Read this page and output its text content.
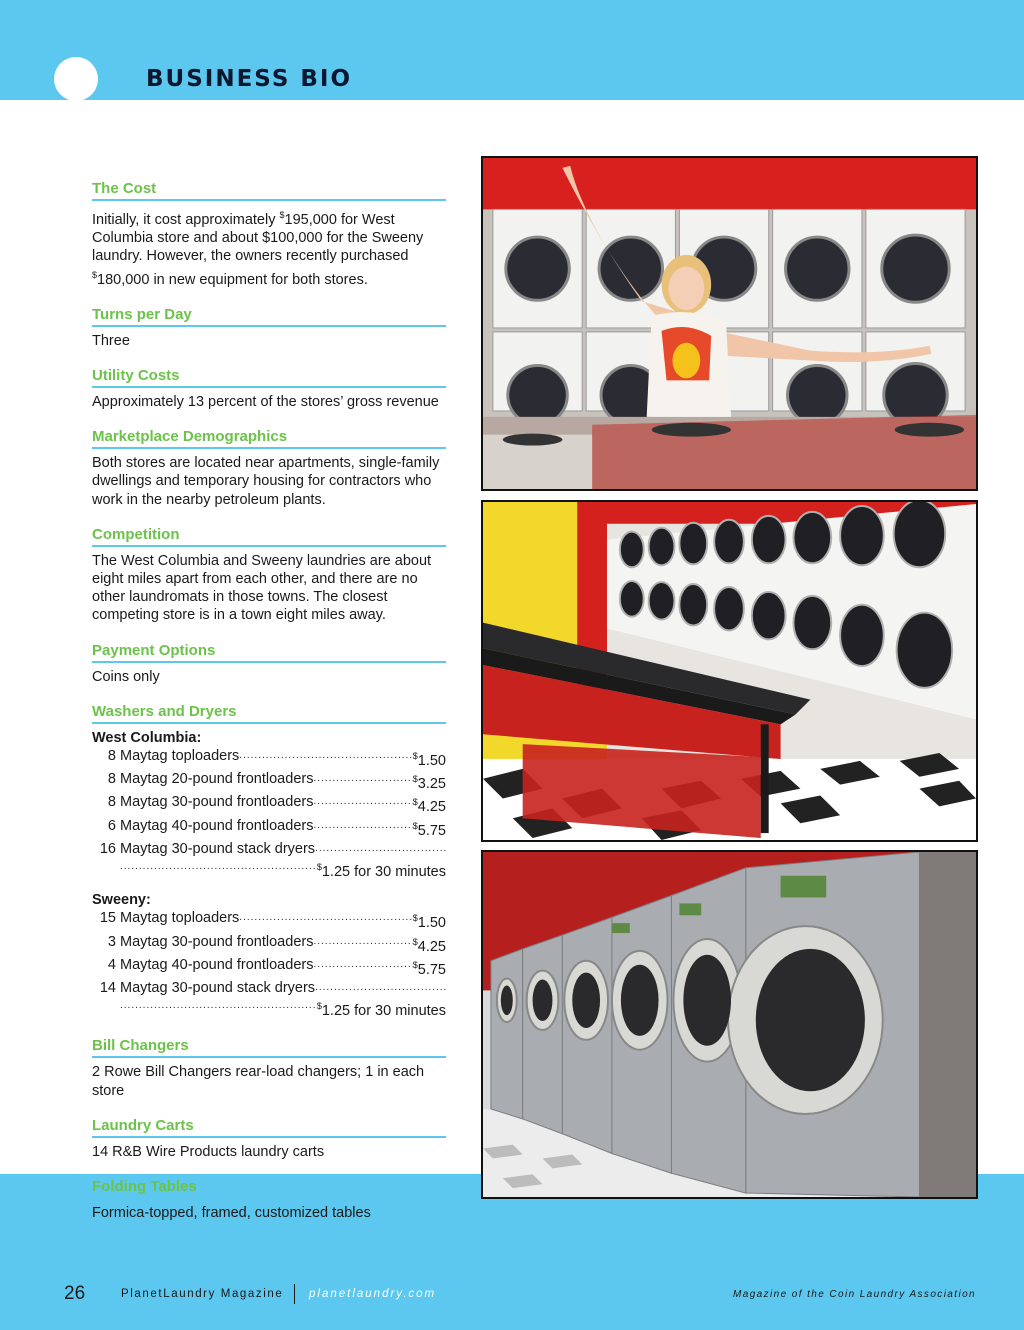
BUSINESS BIO
The Cost
Initially, it cost approximately $195,000 for West Columbia store and about $100,000 for the Sweeny laundry. However, the owners recently purchased $180,000 in new equipment for both stores.
Turns per Day
Three
Utility Costs
Approximately 13 percent of the stores’ gross revenue
Marketplace Demographics
Both stores are located near apartments, single-family dwellings and temporary housing for contractors who work in the nearby petroleum plants.
Competition
The West Columbia and Sweeny laundries are about eight miles apart from each other, and there are no other laundromats in those towns. The closest competing store is in a town eight miles away.
Payment Options
Coins only
Washers and Dryers
West Columbia:
8 Maytag toploaders .....	$1.50
8 Maytag 20-pound frontloaders .....	$3.25
8 Maytag 30-pound frontloaders .....	$4.25
6 Maytag 40-pound frontloaders .....	$5.75
16 Maytag 30-pound stack dryers
.....
.....
$1.25 for 30 minutes
Sweeny:
15 Maytag toploaders .....	$1.50
3 Maytag 30-pound frontloaders .....	$4.25
4 Maytag 40-pound frontloaders .....	$5.75
14 Maytag 30-pound stack dryers
.....
.....
$1.25 for 30 minutes
Bill Changers
2 Rowe Bill Changers rear-load changers; 1 in each store
Laundry Carts
14 R&B Wire Products laundry carts
Folding Tables
Formica-topped, framed, customized tables
26	PlanetLaundry Magazine planetlaundry.com	Magazine of the Coin Laundry Association
